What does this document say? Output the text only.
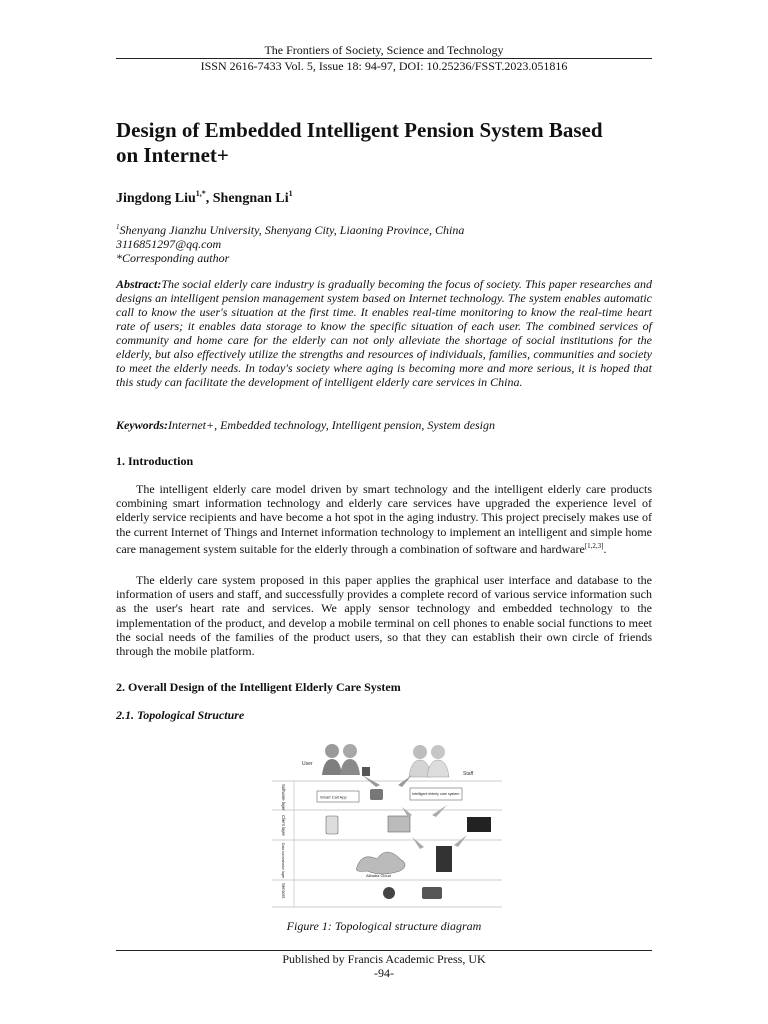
The Frontiers of Society, Science and Technology
ISSN 2616-7433 Vol. 5, Issue 18: 94-97, DOI: 10.25236/FSST.2023.051816
Design of Embedded Intelligent Pension System Based
on Internet+
Jingdong Liu$^{1,*}$, Shengnan Li$^1$
$^1$Shenyang Jianzhu University, Shenyang City, Liaoning Province, China
3116851297@qq.com
*Corresponding author
Abstract:The social elderly care industry is gradually becoming the focus of society. This paper researches and designs an intelligent pension management system based on Internet technology. The system enables automatic call to know the user's situation at the first time. It enables real-time monitoring to know the real-time heart rate of users; it enables data storage to know the specific situation of each user. The combined services of community and home care for the elderly can not only alleviate the shortage of social institutions for the elderly, but also effectively utilize the strengths and resources of individuals, families, communities and society to meet the elderly needs. In today's society where aging is becoming more and more serious, it is hoped that this study can facilitate the development of intelligent elderly care services in China.
Keywords:Internet+, Embedded technology, Intelligent pension, System design
1. Introduction
The intelligent elderly care model driven by smart technology and the intelligent elderly care products combining smart information technology and elderly care services have upgraded the experience level of elderly service recipients and have become a hot spot in the aging industry. This project precisely makes use of the current Internet of Things and Internet information technology to implement an intelligent and simple home care management system suitable for the elderly through a combination of software and hardware[1,2,3].
The elderly care system proposed in this paper applies the graphical user interface and database to the information of users and staff, and successfully provides a complete record of various service information such as the user's heart rate and services. We apply sensor technology and embedded technology to the implementation of the product, and develop a mobile terminal on cell phones to enable social functions to meet the social needs of the families of the product users, so that they can establish their own circle of friends through the mobile platform.
2. Overall Design of the Intelligent Elderly Care System
2.1. Topological Structure
User
Staff
Smart Call App
Intelligent elderly care system
Alibaba Cloud
Software layer
Client layer
Data transmission layer
Sensors
Figure 1: Topological structure diagram
Published by Francis Academic Press, UK
-94-
